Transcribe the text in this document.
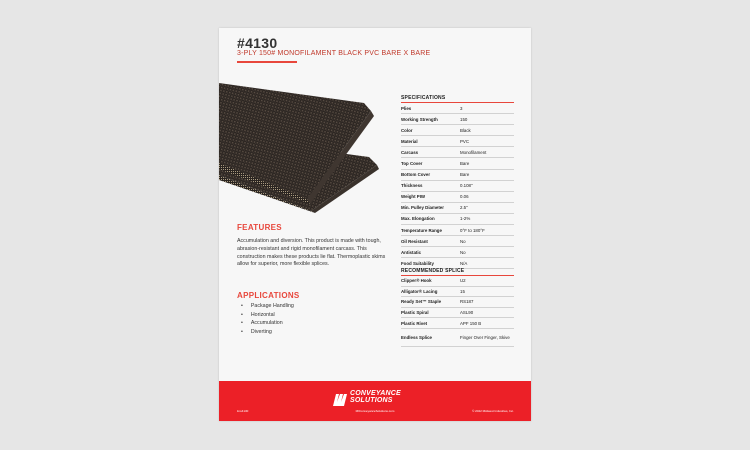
#4130
3-PLY 150# MONOFILAMENT BLACK PVC BARE X BARE
FEATURES
Accumulation and diversion. This product is made with tough, abrasion-resistant and rigid monofilament carcass. This construction makes these products lie flat. Thermoplastic skims allow for superior, more flexible splices.
APPLICATIONS
• Package Handling
• Horizontal
• Accumulation
• Diverting
SPECIFICATIONS
Plies	3
Working Strength	150
Color	Black
Material	PVC
Carcass	Monofilament
Top Cover	Bare
Bottom Cover	Bare
Thickness	0.108"
Weight PIW	0.06
Min. Pulley Diameter	2.5"
Max. Elongation	1-2%
Temperature Range	0°F to 180°F
Oil Resistant	No
Antistatic	No
Food Suitability	N/A
RECOMMENDED SPLICE
Clipper® Hook	U2
Alligator® Lacing	15
Ready Set™ Staple	RS187
Plastic Spiral	ASL90
Plastic Rivet	APF 150 B
Endless Splice	Finger Over Finger, Skive
CONVEYANCE
SOLUTIONS
MIConveyanceSolutions.com
lms4130	© 2022 Midwest Industries, Inc.
